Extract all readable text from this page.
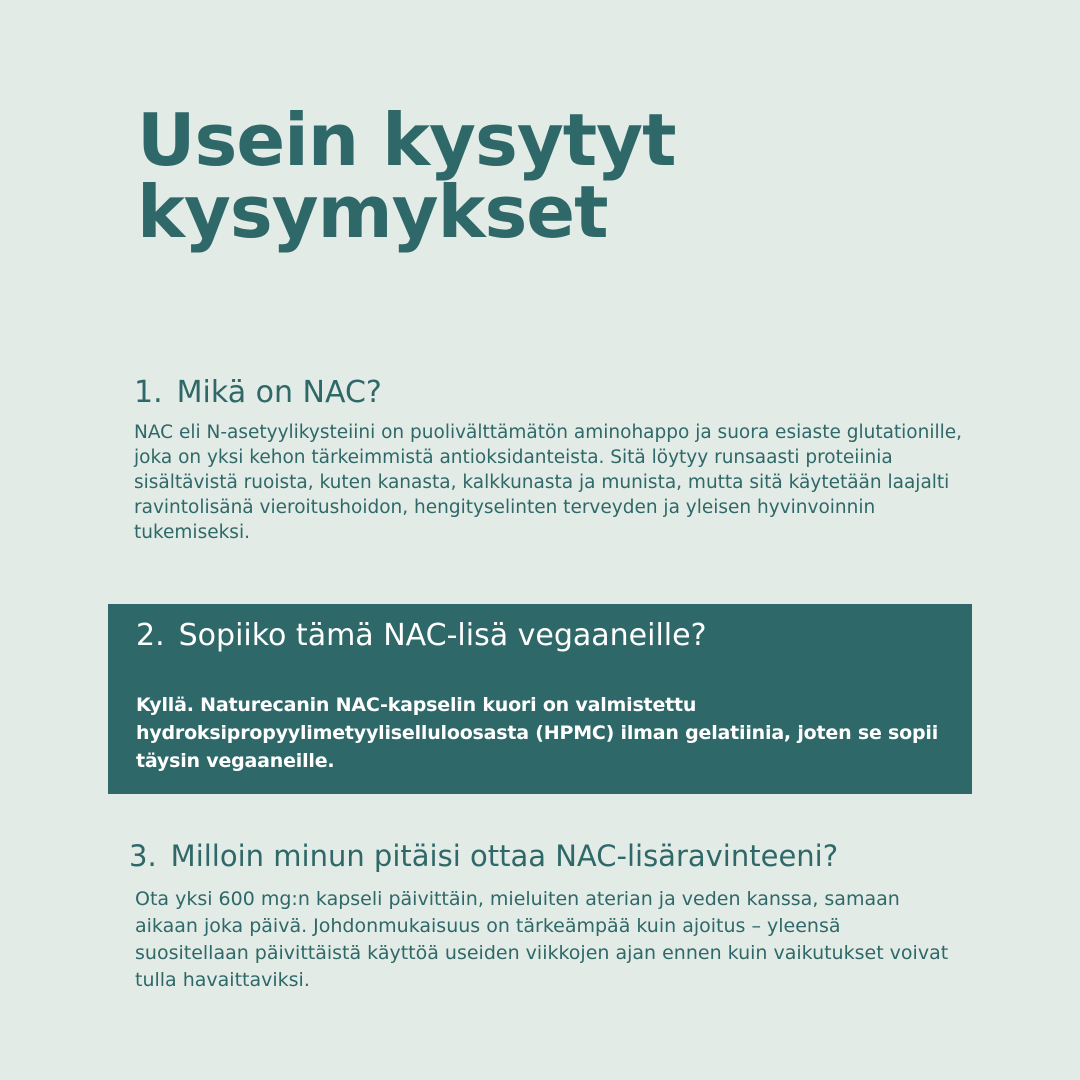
Usein kysytyt kysymykset
1. Mikä on NAC?

NAC eli N-asetyylikysteiini on puolivälttämätön aminohappo ja suora esiaste glutationille, joka on yksi kehon tärkeimmistä antioksidanteista. Sitä löytyy runsaasti proteiinia sisältävistä ruoista, kuten kanasta, kalkkunasta ja munista, mutta sitä käytetään laajalti ravintolisänä vieroitushoidon, hengityselinten terveyden ja yleisen hyvinvoinnin tukemiseksi.

2. Sopiiko tämä NAC-lisä vegaaneille?

Kyllä. Naturecanin NAC-kapselin kuori on valmistettu hydroksipropyylimetyyliselluloosasta (HPMC) ilman gelatiinia, joten se sopii täysin vegaaneille.

3. Milloin minun pitäisi ottaa NAC-lisäravinteeni?

Ota yksi 600 mg:n kapseli päivittäin, mieluiten aterian ja veden kanssa, samaan aikaan joka päivä. Johdonmukaisuus on tärkeämpää kuin ajoitus – yleensä suositellaan päivittäistä käyttöä useiden viikkojen ajan ennen kuin vaikutukset voivat tulla havaittaviksi.
